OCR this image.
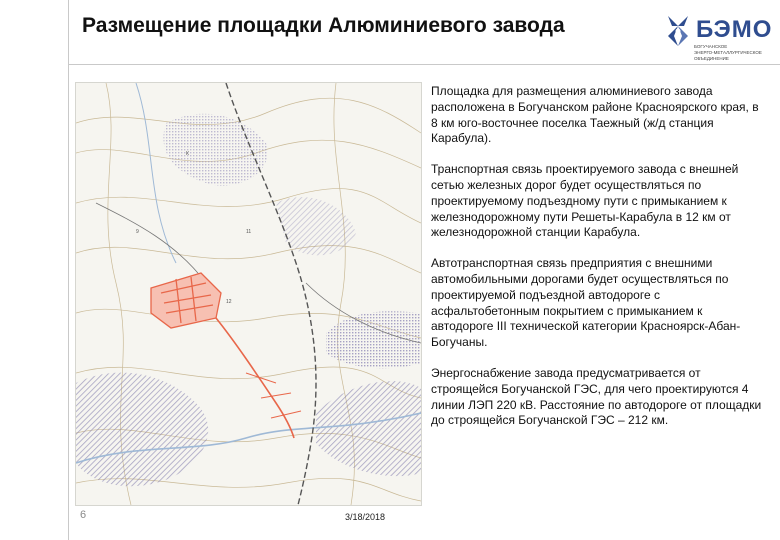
Размещение площадки Алюминиевого завода	БЭМО
БОГУЧАНСКОЕ
ЭНЕРГО-МЕТАЛЛУРГИЧЕСКОЕ
ОБЪЕДИНЕНИЕ
К
9	11
12

Площадка для размещения алюминиевого завода расположена в Богучанском районе Красноярского края, в 8 км юго-восточнее поселка Таежный (ж/д станция Карабула).

Транспортная связь проектируемого завода с внешней сетью железных дорог будет осуществляться по проектируемому подъездному пути с примыканием к железнодорожному пути Решеты-Карабула в 12 км от железнодорожной станции Карабула.

Автотранспортная связь предприятия с внешними автомобильными дорогами будет осуществляться по проектируемой подъездной автодороге с асфальтобетонным покрытием с примыканием к автодороге III технической категории Красноярск-Абан-Богучаны.

Энергоснабжение завода предусматривается от строящейся Богучанской ГЭС, для чего проектируются 4 линии ЛЭП 220 кВ. Расстояние по автодороге от площадки до строящейся Богучанской ГЭС – 212 км.

6	3/18/2018
